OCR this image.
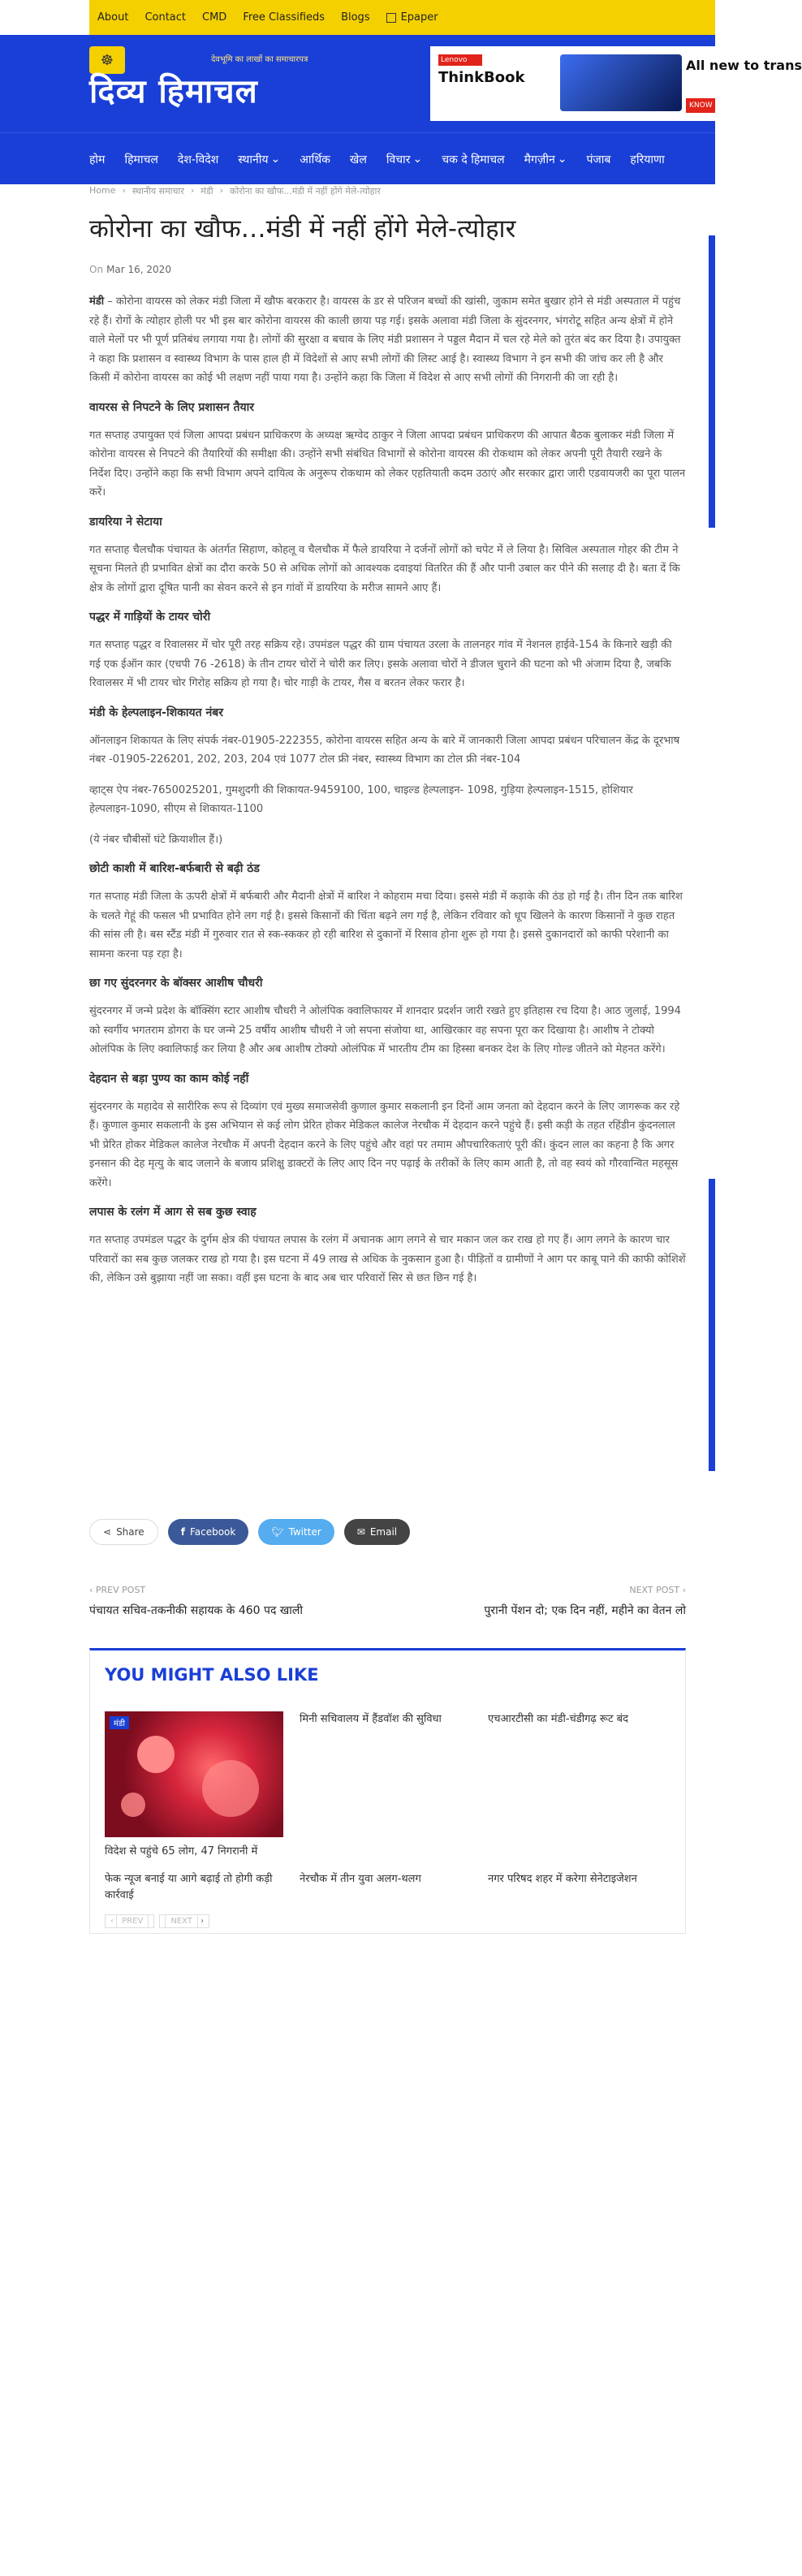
About Contact CMD Free Classifieds Blogs	Epaper
☸	देवभूमि का लाखों का समाचारपत्र
दिव्य हिमाचल
Lenovo
ThinkBook
All new to trans
KNOW
होम हिमाचल देश-विदेश स्थानीय ⌄ आर्थिक खेल विचार ⌄ चक दे हिमाचल मैगज़ीन ⌄ पंजाब हरियाणा
Home › स्थानीय समाचार › मंडी › कोरोना का खौफ...मंडी में नहीं होंगे मेले-त्योहार
कोरोना का खौफ…मंडी में नहीं होंगे मेले-त्योहार
On Mar 16, 2020

मंडी – कोरोना वायरस को लेकर मंडी जिला में खौफ बरकरार है। वायरस के डर से परिजन बच्चों की खांसी, जुकाम समेत बुखार होने से मंडी अस्पताल में पहुंच रहे हैं। रोगों के त्योहार होली पर भी इस बार कोरोना वायरस की काली छाया पड़ गई। इसके अलावा मंडी जिला के सुंदरनगर, भंगरोटू सहित अन्य क्षेत्रों में होने वाले मेलों पर भी पूर्ण प्रतिबंध लगाया गया है। लोगों की सुरक्षा व बचाव के लिए मंडी प्रशासन ने पड्डल मैदान में चल रहे मेले को तुरंत बंद कर दिया है। उपायुक्त ने कहा कि प्रशासन व स्वास्थ्य विभाग के पास हाल ही में विदेशों से आए सभी लोगों की लिस्ट आई है। स्वास्थ्य विभाग ने इन सभी की जांच कर ली है और किसी में कोरोना वायरस का कोई भी लक्षण नहीं पाया गया है। उन्होंने कहा कि जिला में विदेश से आए सभी लोगों की निगरानी की जा रही है।

वायरस से निपटने के लिए प्रशासन तैयार

गत सप्ताह उपायुक्त एवं जिला आपदा प्रबंधन प्राधिकरण के अध्यक्ष ऋग्वेद ठाकुर ने जिला आपदा प्रबंधन प्राधिकरण की आपात बैठक बुलाकर मंडी जिला में कोरोना वायरस से निपटने की तैयारियों की समीक्षा की। उन्होंने सभी संबंधित विभागों से कोरोना वायरस की रोकथाम को लेकर अपनी पूरी तैयारी रखने के निर्देश दिए। उन्होंने कहा कि सभी विभाग अपने दायित्व के अनुरूप रोकथाम को लेकर एहतियाती कदम उठाएं और सरकार द्वारा जारी एडवायजरी का पूरा पालन करें।

डायरिया ने सेटाया

गत सप्ताह चैलचौक पंचायत के अंतर्गत सिहाण, कोहलू व चैलचौक में फैले डायरिया ने दर्जनों लोगों को चपेट में ले लिया है। सिविल अस्पताल गोहर की टीम ने सूचना मिलते ही प्रभावित क्षेत्रों का दौरा करके 50 से अधिक लोगों को आवश्यक दवाइयां वितरित की हैं और पानी उबाल कर पीने की सलाह दी है। बता दें कि क्षेत्र के लोगों द्वारा दूषित पानी का सेवन करने से इन गांवों में डायरिया के मरीज सामने आए हैं।

पद्धर में गाड़ियों के टायर चोरी

गत सप्ताह पद्धर व रिवालसर में चोर पूरी तरह सक्रिय रहे। उपमंडल पद्धर की ग्राम पंचायत उरला के तालनहर गांव में नेशनल हाईवे-154 के किनारे खड़ी की गई एक ईऑन कार (एचपी 76 -2618) के तीन टायर चोरों ने चोरी कर लिए। इसके अलावा चोरों ने डीजल चुराने की घटना को भी अंजाम दिया है, जबकि रिवालसर में भी टायर चोर गिरोह सक्रिय हो गया है। चोर गाड़ी के टायर, गैस व बरतन लेकर फरार है।

मंडी के हेल्पलाइन-शिकायत नंबर

ऑनलाइन शिकायत के लिए संपर्क नंबर-01905-222355, कोरोना वायरस सहित अन्य के बारे में जानकारी जिला आपदा प्रबंधन परिचालन केंद्र के दूरभाष नंबर -01905-226201, 202, 203, 204 एवं 1077 टोल फ्री नंबर, स्वास्थ्य विभाग का टोल फ्री नंबर-104

व्हाट्स ऐप नंबर-7650025201, गुमशुदगी की शिकायत-9459100, 100, चाइल्ड हेल्पलाइन- 1098, गुड़िया हेल्पलाइन-1515, होशियार हेल्पलाइन-1090, सीएम से शिकायत-1100

(ये नंबर चौबीसों घंटे क्रियाशील हैं।)

छोटी काशी में बारिश-बर्फबारी से बढ़ी ठंड

गत सप्ताह मंडी जिला के ऊपरी क्षेत्रों में बर्फबारी और मैदानी क्षेत्रों में बारिश ने कोहराम मचा दिया। इससे मंडी में कड़ाके की ठंड हो गई है। तीन दिन तक बारिश के चलते गेहूं की फसल भी प्रभावित होने लग गई है। इससे किसानों की चिंता बढ़ने लग गई है, लेकिन रविवार को धूप खिलने के कारण किसानों ने कुछ राहत की सांस ली है। बस स्टैंड मंडी में गुरुवार रात से स्क-स्ककर हो रही बारिश से दुकानों में रिसाव होना शुरू हो गया है। इससे दुकानदारों को काफी परेशानी का सामना करना पड़ रहा है।

छा गए सुंदरनगर के बॉक्सर आशीष चौधरी

सुंदरनगर में जन्मे प्रदेश के बॉक्सिंग स्टार आशीष चौधरी ने ओलंपिक क्वालिफायर में शानदार प्रदर्शन जारी रखते हुए इतिहास रच दिया है। आठ जुलाई, 1994 को स्वर्गीय भगतराम डोगरा के घर जन्मे 25 वर्षीय आशीष चौधरी ने जो सपना संजोया था, आखिरकार वह सपना पूरा कर दिखाया है। आशीष ने टोक्यो ओलंपिक के लिए क्वालिफाई कर लिया है और अब आशीष टोक्यो ओलंपिक में भारतीय टीम का हिस्सा बनकर देश के लिए गोल्ड जीतने को मेहनत करेंगे।

देहदान से बड़ा पुण्य का काम कोई नहीं

सुंदरनगर के महादेव से सारीरिक रूप से दिव्यांग एवं मुख्य समाजसेवी कुणाल कुमार सकलानी इन दिनों आम जनता को देहदान करने के लिए जागरूक कर रहे हैं। कुणाल कुमार सकलानी के इस अभियान से कई लोग प्रेरित होकर मेडिकल कालेज नेरचौक में देहदान करने पहुंचे हैं। इसी कड़ी के तहत रहिंडीन कुंदनलाल भी प्रेरित होकर मेडिकल कालेज नेरचौक में अपनी देहदान करने के लिए पहुंचे और वहां पर तमाम औपचारिकताएं पूरी कीं। कुंदन लाल का कहना है कि अगर इनसान की देह मृत्यु के बाद जलाने के बजाय प्रशिक्षु डाक्टरों के लिए आए दिन नए पढ़ाई के तरीकों के लिए काम आती है, तो वह स्वयं को गौरवान्वित महसूस करेंगे।

लपास के रलंग में आग से सब कुछ स्वाह

गत सप्ताह उपमंडल पद्धर के दुर्गम क्षेत्र की पंचायत लपास के रलंग में अचानक आग लगने से चार मकान जल कर राख हो गए हैं। आग लगने के कारण चार परिवारों का सब कुछ जलकर राख हो गया है। इस घटना में 49 लाख से अधिक के नुकसान हुआ है। पीड़ितों व ग्रामीणों ने आग पर काबू पाने की काफी कोशिशें की, लेकिन उसे बुझाया नहीं जा सका। वहीं इस घटना के बाद अब चार परिवारों सिर से छत छिन गई है।

⋖ Share	f Facebook	🐦︎ Twitter	✉ Email
‹ PREV POST
पंचायत सचिव-तकनीकी सहायक के 460 पद खाली
NEXT POST ›
पुरानी पेंशन दो; एक दिन नहीं, महीने का वेतन लो
YOU MIGHT ALSO LIKE
मंडी
विदेश से पहुंचे 65 लोग, 47 निगरानी में
मिनी सचिवालय में हैंडवॉश की सुविधा	एचआरटीसी का मंडी-चंडीगढ़ रूट बंद
फेक न्यूज बनाई या आगे बढ़ाई तो होगी कड़ी कार्रवाई
नेरचौक में तीन युवा अलग-थलग	नगर परिषद शहर में करेगा सेनेटाइजेशन
‹ PREV	NEXT ›
